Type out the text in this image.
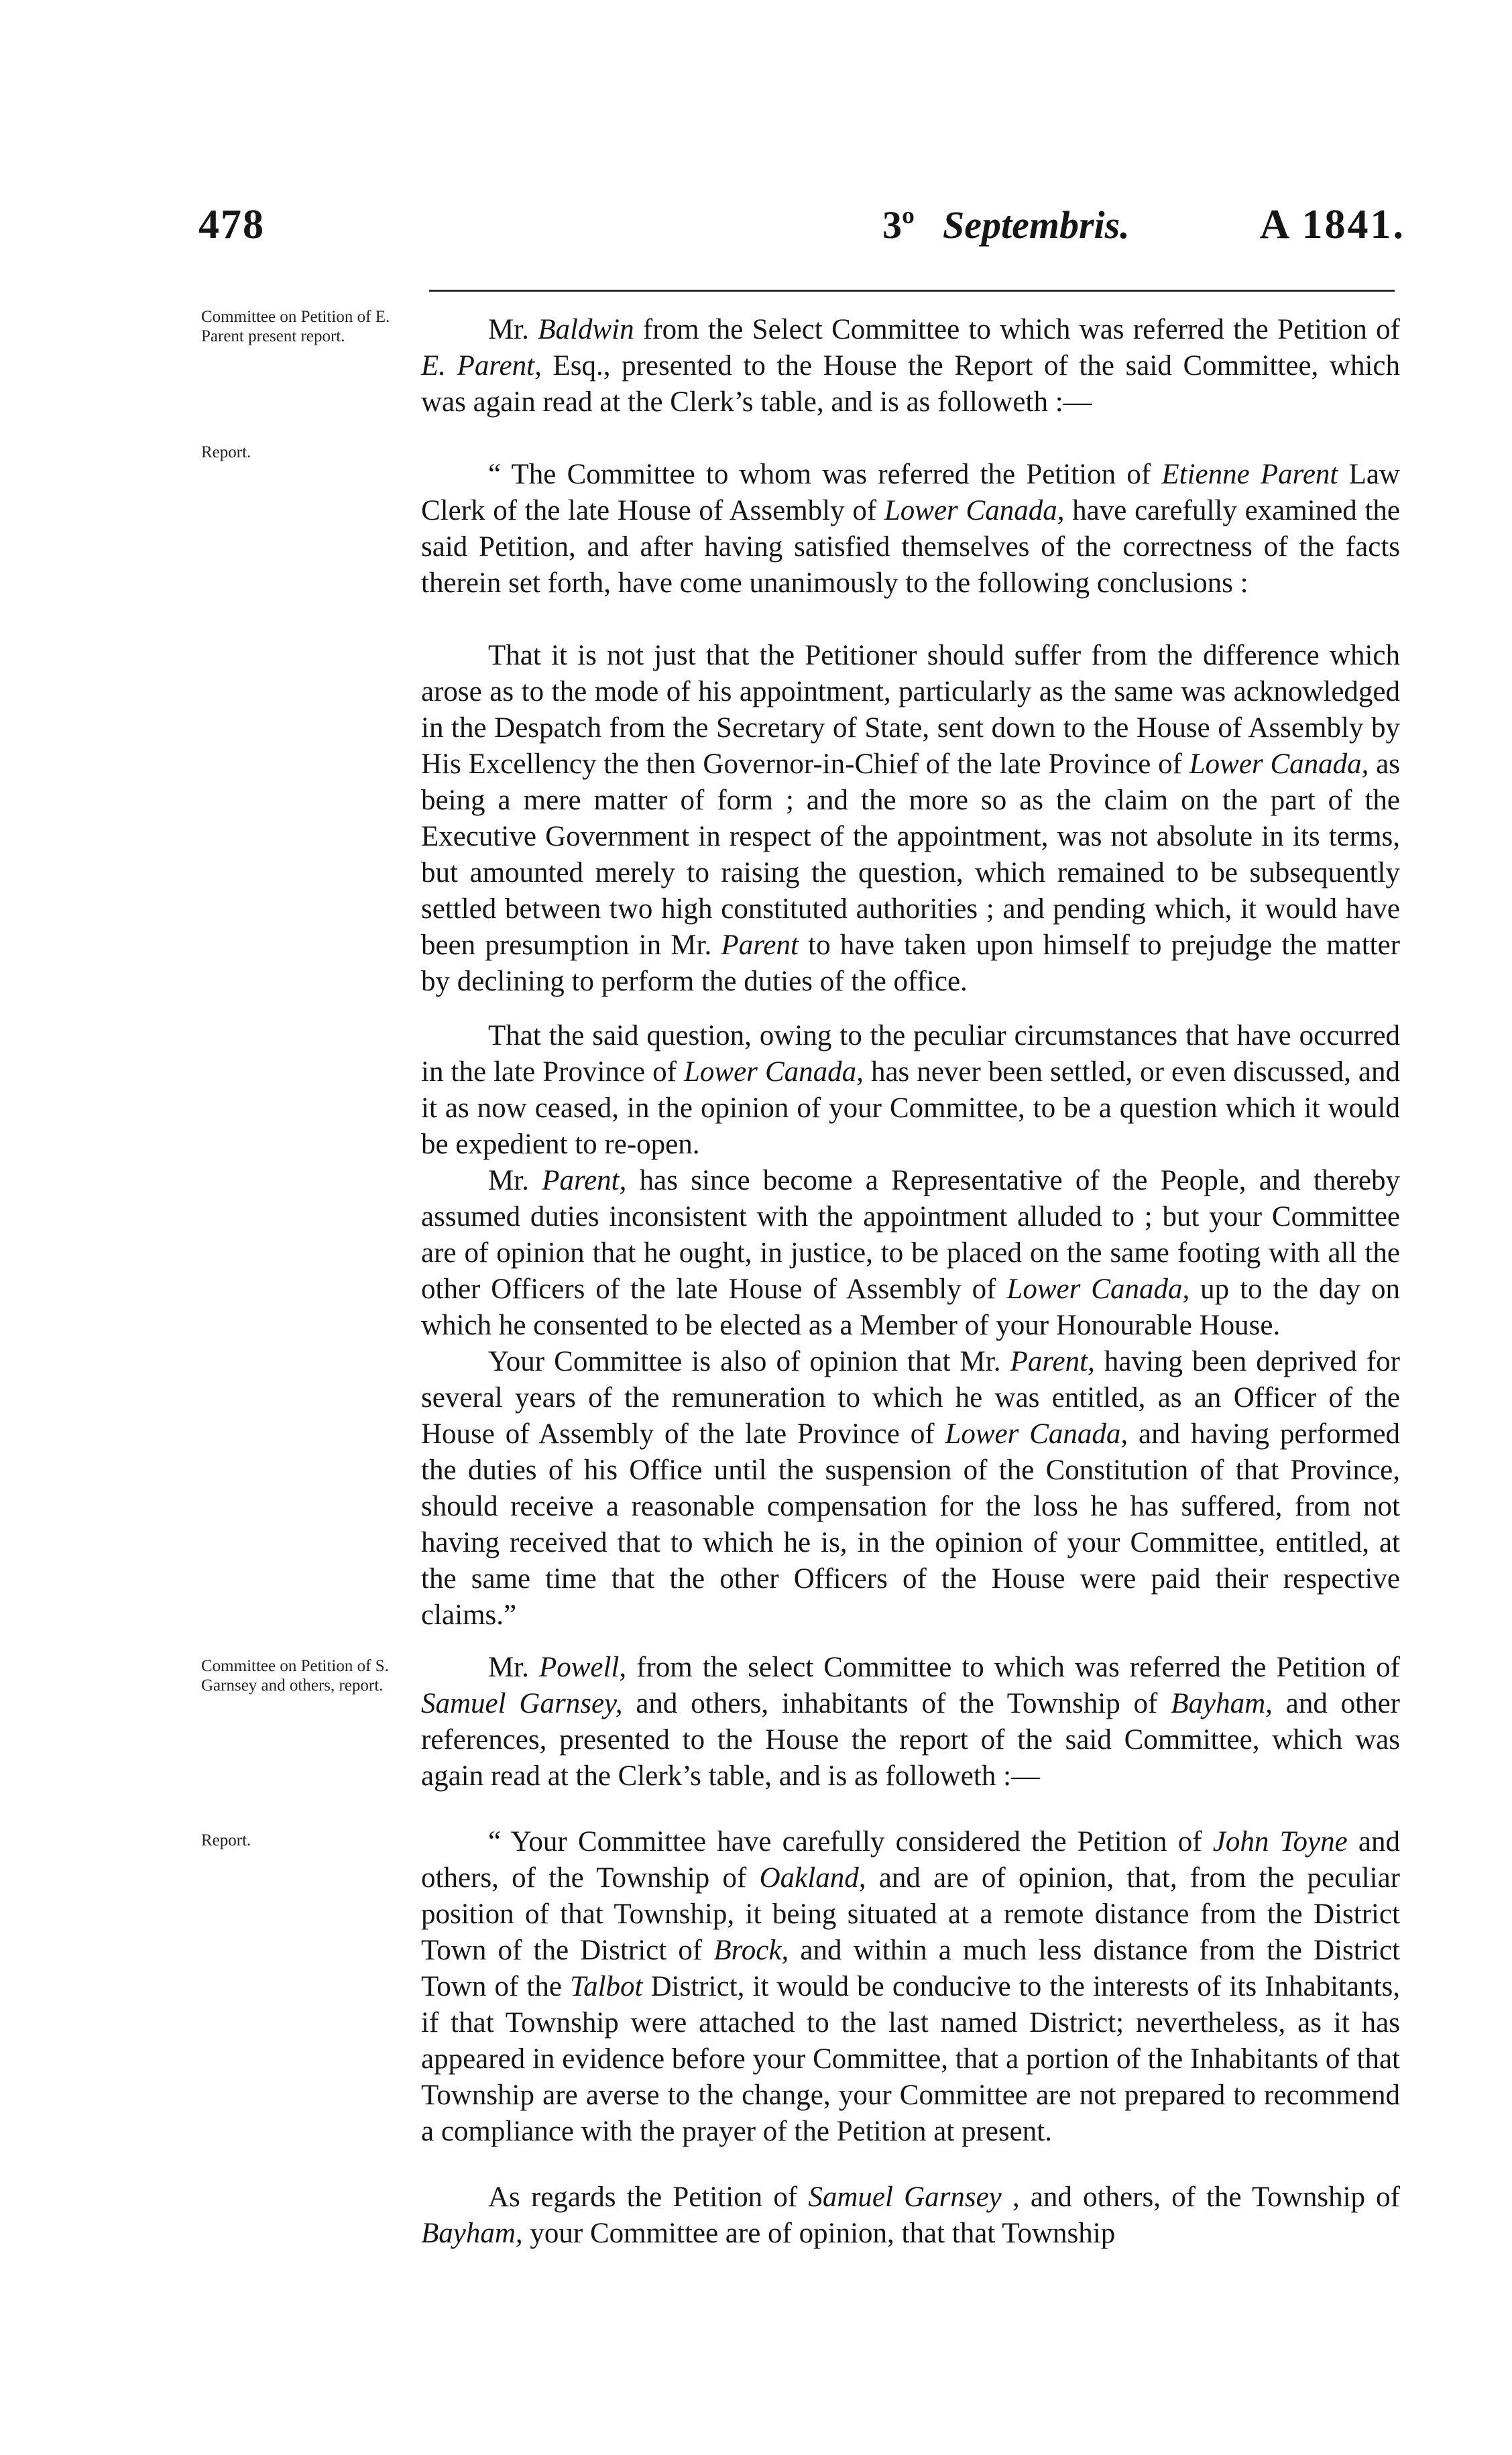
478	3º Septembris.	A 1841.
Committee on Petition of E. Parent present report.
Report.
Committee on Petition of S. Garnsey and others, report.
Report.

Mr. Baldwin from the Select Committee to which was referred the Petition of E. Parent, Esq., presented to the House the Report of the said Committee, which was again read at the Clerk’s table, and is as followeth :—

“ The Committee to whom was referred the Petition of Etienne Parent Law Clerk of the late House of Assembly of Lower Canada, have carefully examined the said Petition, and after having satisfied themselves of the correctness of the facts therein set forth, have come unanimously to the following conclusions :

That it is not just that the Petitioner should suffer from the difference which arose as to the mode of his appointment, particularly as the same was acknowledged in the Despatch from the Secretary of State, sent down to the House of Assembly by His Excellency the then Governor-in-Chief of the late Province of Lower Canada, as being a mere matter of form ; and the more so as the claim on the part of the Executive Government in respect of the appointment, was not absolute in its terms, but amounted merely to raising the question, which remained to be subsequently settled between two high constituted authorities ; and pending which, it would have been presumption in Mr. Parent to have taken upon himself to prejudge the matter by declining to perform the duties of the office.

That the said question, owing to the peculiar circumstances that have occurred in the late Province of Lower Canada, has never been settled, or even discussed, and it as now ceased, in the opinion of your Committee, to be a question which it would be expedient to re-open.

Mr. Parent, has since become a Representative of the People, and thereby assumed duties inconsistent with the appointment alluded to ; but your Committee are of opinion that he ought, in justice, to be placed on the same footing with all the other Officers of the late House of Assembly of Lower Canada, up to the day on which he consented to be elected as a Member of your Honourable House.

Your Committee is also of opinion that Mr. Parent, having been deprived for several years of the remuneration to which he was entitled, as an Officer of the House of Assembly of the late Province of Lower Canada, and having performed the duties of his Office until the suspension of the Constitution of that Province, should receive a reasonable compensation for the loss he has suffered, from not having received that to which he is, in the opinion of your Committee, entitled, at the same time that the other Officers of the House were paid their respective claims.”

Mr. Powell, from the select Committee to which was referred the Petition of Samuel Garnsey, and others, inhabitants of the Township of Bayham, and other references, presented to the House the report of the said Committee, which was again read at the Clerk’s table, and is as followeth :—

“ Your Committee have carefully considered the Petition of John Toyne and others, of the Township of Oakland, and are of opinion, that, from the peculiar position of that Township, it being situated at a remote distance from the District Town of the District of Brock, and within a much less distance from the District Town of the Talbot District, it would be conducive to the interests of its Inhabitants, if that Township were attached to the last named District; nevertheless, as it has appeared in evidence before your Committee, that a portion of the Inhabitants of that Township are averse to the change, your Committee are not prepared to recommend a compliance with the prayer of the Petition at present.

As regards the Petition of Samuel Garnsey , and others, of the Township of Bayham, your Committee are of opinion, that that Township
